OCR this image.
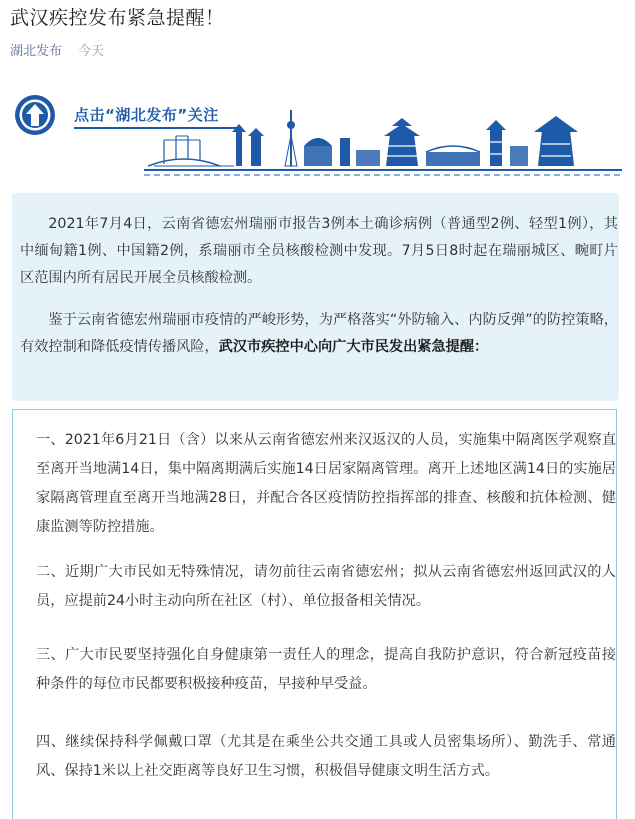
武汉疾控发布紧急提醒！
湖北发布 今天
点击“湖北发布”关注

2021年7月4日，云南省德宏州瑞丽市报告3例本土确诊病例（普通型2例、轻型1例），其中缅甸籍1例、中国籍2例，系瑞丽市全员核酸检测中发现。7月5日8时起在瑞丽城区、畹町片区范围内所有居民开展全员核酸检测。

鉴于云南省德宏州瑞丽市疫情的严峻形势，为严格落实“外防输入、内防反弹”的防控策略，有效控制和降低疫情传播风险，武汉市疾控中心向广大市民发出紧急提醒：

一、2021年6月21日（含）以来从云南省德宏州来汉返汉的人员，实施集中隔离医学观察直至离开当地满14日，集中隔离期满后实施14日居家隔离管理。离开上述地区满14日的实施居家隔离管理直至离开当地满28日，并配合各区疫情防控指挥部的排查、核酸和抗体检测、健康监测等防控措施。

二、近期广大市民如无特殊情况，请勿前往云南省德宏州；拟从云南省德宏州返回武汉的人员，应提前24小时主动向所在社区（村）、单位报备相关情况。

三、广大市民要坚持强化自身健康第一责任人的理念，提高自我防护意识，符合新冠疫苗接种条件的每位市民都要积极接种疫苗，早接种早受益。

四、继续保持科学佩戴口罩（尤其是在乘坐公共交通工具或人员密集场所）、勤洗手、常通风、保持1米以上社交距离等良好卫生习惯，积极倡导健康文明生活方式。
